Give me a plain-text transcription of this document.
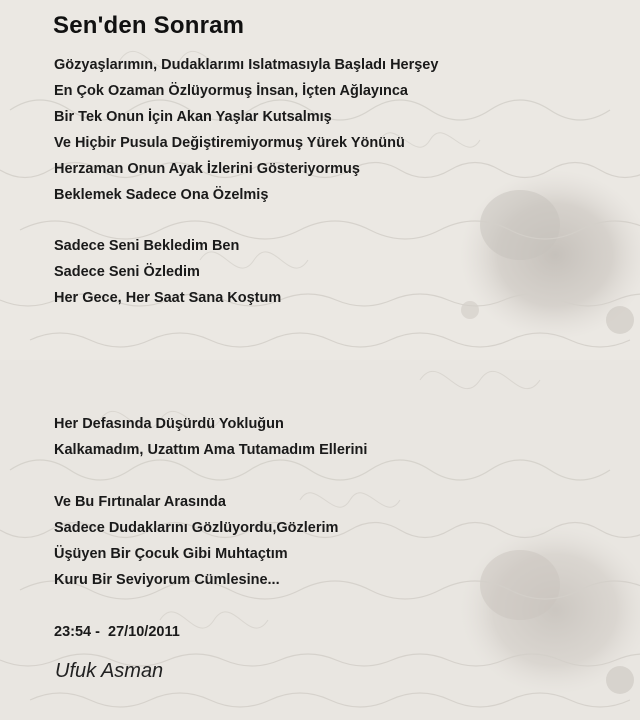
Sen'den Sonram
Gözyaşlarımın, Dudaklarımı Islatmasıyla Başladı Herşey
En Çok Ozaman Özlüyormuş İnsan, İçten Ağlayınca
Bir Tek Onun İçin Akan Yaşlar Kutsalmış
Ve Hiçbir Pusula Değiştiremiyormuş Yürek Yönünü
Herzaman Onun Ayak İzlerini Gösteriyormuş
Beklemek Sadece Ona Özelmiş
Sadece Seni Bekledim Ben
Sadece Seni Özledim
Her Gece, Her Saat Sana Koştum
Her Defasında Düşürdü Yokluğun
Kalkamadım, Uzattım Ama Tutamadım Ellerini
Ve Bu Fırtınalar Arasında
Sadece Dudaklarını Gözlüyordu,Gözlerim
Üşüyen Bir Çocuk Gibi Muhtaçtım
Kuru Bir Seviyorum Cümlesine...
23:54 -  27/10/2011
Ufuk Asman
